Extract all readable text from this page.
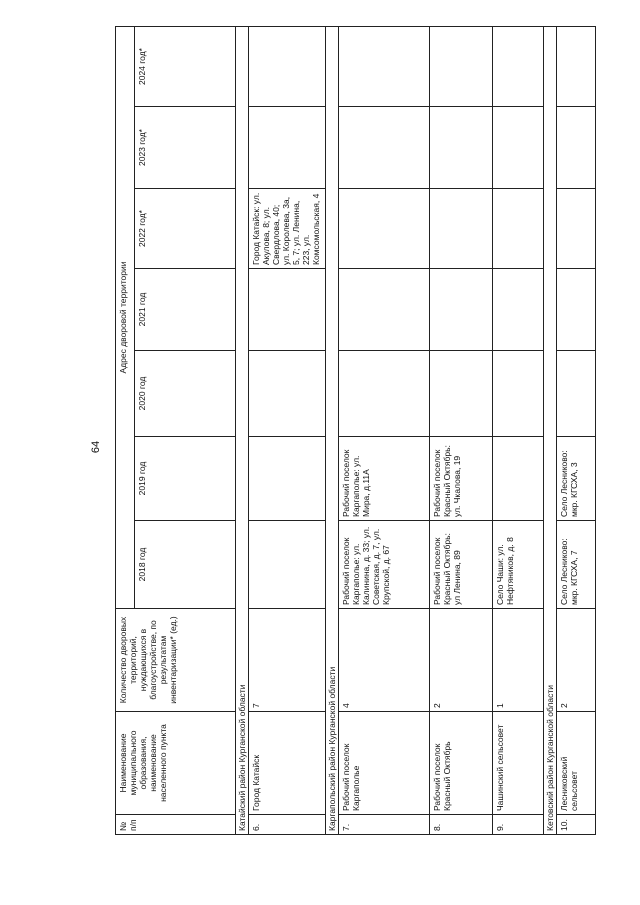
64
№ п/п	Наименование муниципального образования, наименование населенного пункта	Количество дворовых территорий, нуждающихся в благоустройстве, по результатам инвентаризации* (ед.)	Адрес дворовой территории						
			2018 год	2019 год	2020 год	2021 год	2022 год*	2023 год*	2024 год*
Катайский район Курганской области									
6.	Город Катайск	7					Город Катайск: ул. Акулова, 8; ул. Свердлова, 40; ул. Королева, 3а, 5, 7; ул. Ленина, 223, ул. Комсомольская, 4		
Каргапольский район Курганской области									
7.	Рабочий поселок Каргаполье	4	Рабочий поселок Каргаполье: ул. Калинина, д. 33; ул. Советская, д. 7, ул. Крупской, д. 67	Рабочий поселок Каргаполье: ул. Мира, д.11А					
8.	Рабочий поселок Красный Октябрь	2	Рабочий поселок Красный Октябрь: ул Ленина, 89	Рабочий поселок Красный Октябрь: ул. Чкалова, 19					
9.	Чашинский сельсовет	1	Село Чаши: ул. Нефтяников, д. 8						
Кетовский район Курганской области									
10.	Лесниковский сельсовет	2	Село Лесниково: мкр. КГСХА, 7	Село Лесниково: мкр. КГСХА, 3					
